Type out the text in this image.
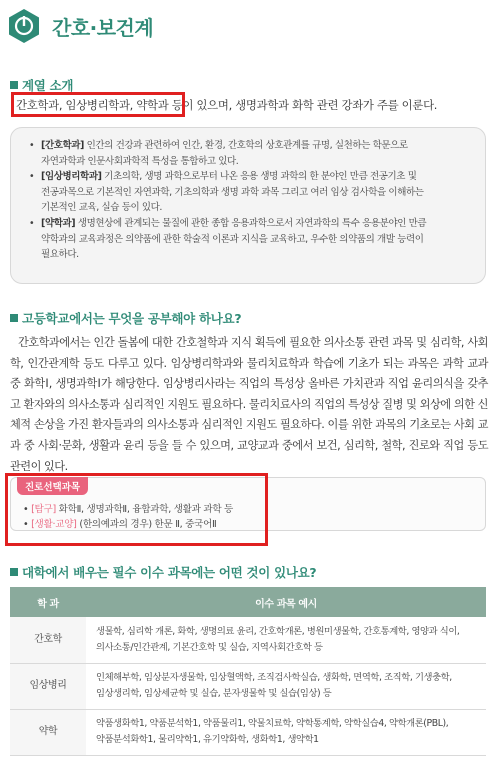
간호·보건계
계열 소개
간호학과, 임상병리학과, 약학과 등이 있으며, 생명과학과 화학 관련 강좌가 주를 이룬다.
• [간호학과] 인간의 건강과 관련하여 인간, 환경, 간호학의 상호관계를 규명, 실천하는 학문으로
자연과학과 인문사회과학적 특성을 통합하고 있다.
• [임상병리학과] 기초의학, 생명 과학으로부터 나온 응용 생명 과학의 한 분야인 만큼 전공기초 및
전공과목으로 기본적인 자연과학, 기초의학과 생명 과학 과목 그리고 여러 임상 검사학을 이해하는
기본적인 교육, 실습 등이 있다.
• [약학과] 생명현상에 관계되는 물질에 관한 종합 응용과학으로서 자연과학의 특수 응용분야인 만큼
약학과의 교육과정은 의약품에 관한 학술적 이론과 지식을 교육하고, 우수한 의약품의 개발 능력이
필요하다.
고등학교에서는 무엇을 공부해야 하나요?

간호학과에서는 인간 돌봄에 대한 간호철학과 지식 획득에 필요한 의사소통 관련 과목 및 심리학, 사회학, 인간관계학 등도 다루고 있다. 임상병리학과와 물리치료학과 학습에 기초가 되는 과목은 과학 교과 중 화학Ⅰ, 생명과학Ⅰ가 해당한다. 임상병리사라는 직업의 특성상 올바른 가치관과 직업 윤리의식을 갖추고 환자와의 의사소통과 심리적인 지원도 필요하다. 물리치료사의 직업의 특성상 질병 및 외상에 의한 신체적 손상을 가진 환자들과의 의사소통과 심리적인 지원도 필요하다. 이를 위한 과목의 기초로는 사회 교과 중 사회·문화, 생활과 윤리 등을 들 수 있으며, 교양교과 중에서 보건, 심리학, 철학, 진로와 직업 등도 관련이 있다.

진로선택과목
• [탐구] 화학Ⅱ, 생명과학Ⅱ, 융합과학, 생활과 과학 등
• [생활·교양] (한의예과의 경우) 한문 Ⅱ, 중국어Ⅱ
대학에서 배우는 필수 이수 과목에는 어떤 것이 있나요?
학 과	이수 과목 예시
간호학	생물학, 심리학 개론, 화학, 생명의료 윤리, 간호학개론, 병원미생물학, 간호통계학, 영양과 식이,
의사소통/인간관계, 기본간호학 및 실습, 지역사회간호학 등
임상병리	인체해부학, 임상분자생물학, 임상혈액학, 조직검사학실습, 생화학, 면역학, 조직학, 기생충학,
임상생리학, 임상세균학 및 실습, 분자생물학 및 실습(임상) 등
약학	약품생화학1, 약품분석학1, 약품물리1, 약물치료학, 약학통계학, 약학실습4, 약학개론(PBL),
약품분석화학1, 물리약학1, 유기약화학, 생화학1, 생약학1
